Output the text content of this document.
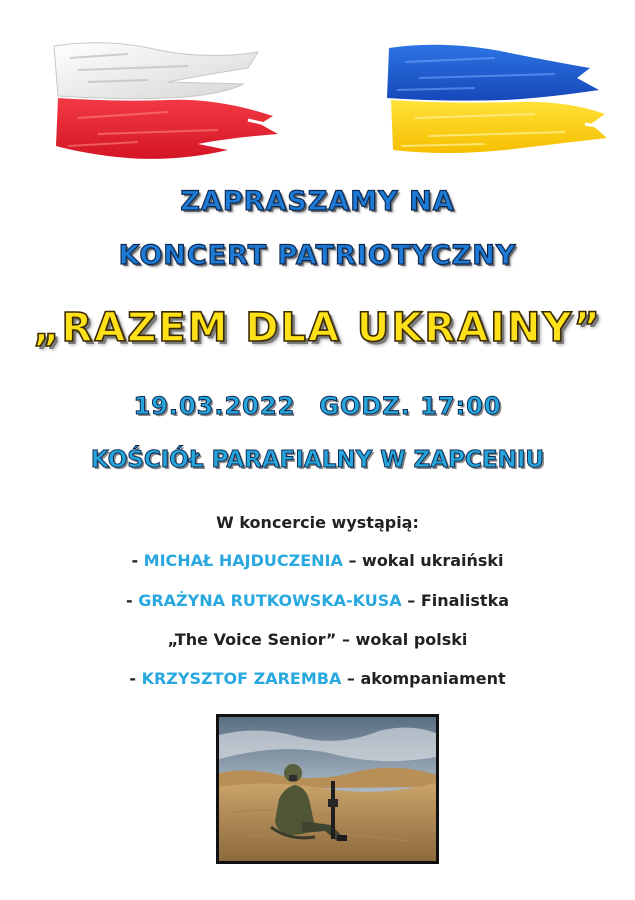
ZAPRASZAMY NA
KONCERT PATRIOTYCZNY
„RAZEM DLA UKRAINY”
19.03.2022 GODZ. 17:00
KOŚCIÓŁ PARAFIALNY W ZAPCENIU
W koncercie wystąpią:
- MICHAŁ HAJDUCZENIA – wokal ukraiński
- GRAŻYNA RUTKOWSKA-KUSA – Finalistka
„The Voice Senior” – wokal polski
- KRZYSZTOF ZAREMBA – akompaniament
